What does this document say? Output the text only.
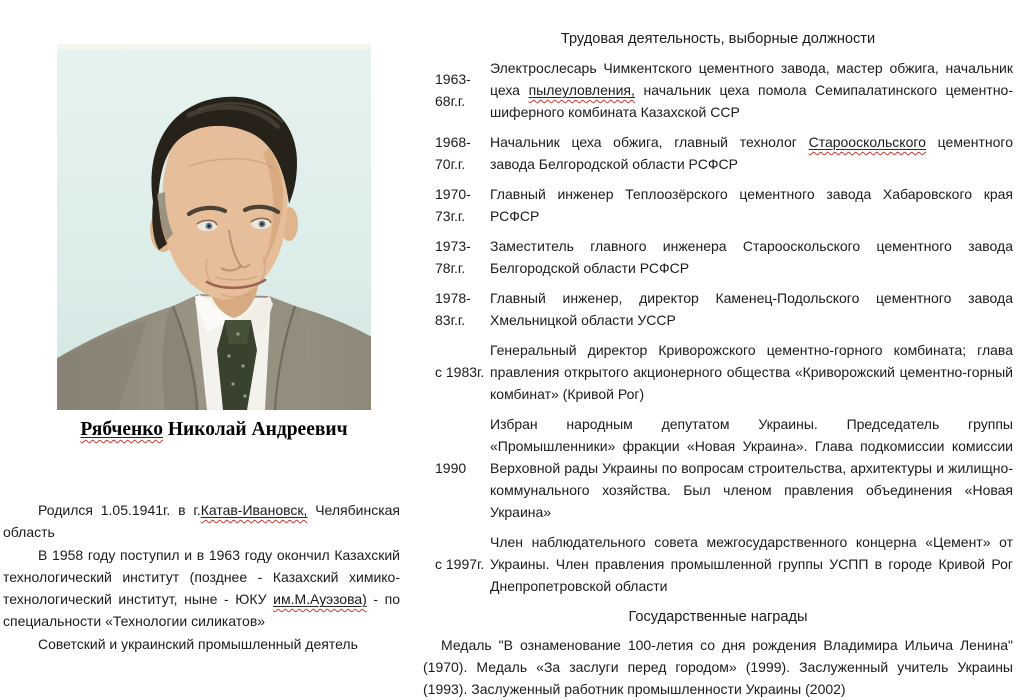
Рябченко Николай Андреевич

Родился 1.05.1941г. в г.Катав-Ивановск, Челябинская область

В 1958 году поступил и в 1963 году окончил Казахский технологический институт (позднее - Казахский химико-технологический институт, ныне - ЮКУ им.М.Ауэзова) - по специальности «Технологии силикатов»

Советский и украинский промышленный деятель

Трудовая деятельность, выборные должности

1963-
68г.г.
Электрослесарь Чимкентского цементного завода, мастер обжига, начальник цеха пылеуловления, начальник цеха помола Семипалатинского цементно-шиферного комбината Казахской ССР
1968-
70г.г.
Начальник цеха обжига, главный технолог Старооскольского цементного завода Белгородской области РСФСР
1970-
73г.г.
Главный инженер Теплоозёрского цементного завода Хабаровского края РСФСР
1973-
78г.г.
Заместитель главного инженера Старооскольского цементного завода Белгородской области РСФСР
1978-
83г.г.
Главный инженер, директор Каменец-Подольского цементного завода Хмельницкой области УССР
с 1983г.
Генеральный директор Криворожского цементно-горного комбината; глава правления открытого акционерного общества «Криворожский цементно-горный комбинат» (Кривой Рог)
1990
Избран народным депутатом Украины. Председатель группы «Промышленники» фракции «Новая Украина». Глава подкомиссии комиссии Верховной рады Украины по вопросам строительства, архитектуры и жилищно-коммунального хозяйства. Был членом правления объединения «Новая Украина»
с 1997г.
Член наблюдательного совета межгосударственного концерна «Цемент» от Украины. Член правления промышленной группы УСПП в городе Кривой Рог Днепропетровской области

Государственные награды

Медаль "В ознаменование 100-летия со дня рождения Владимира Ильича Ленина" (1970). Медаль «За заслуги перед городом» (1999). Заслуженный учитель Украины (1993). Заслуженный работник промышленности Украины (2002)
